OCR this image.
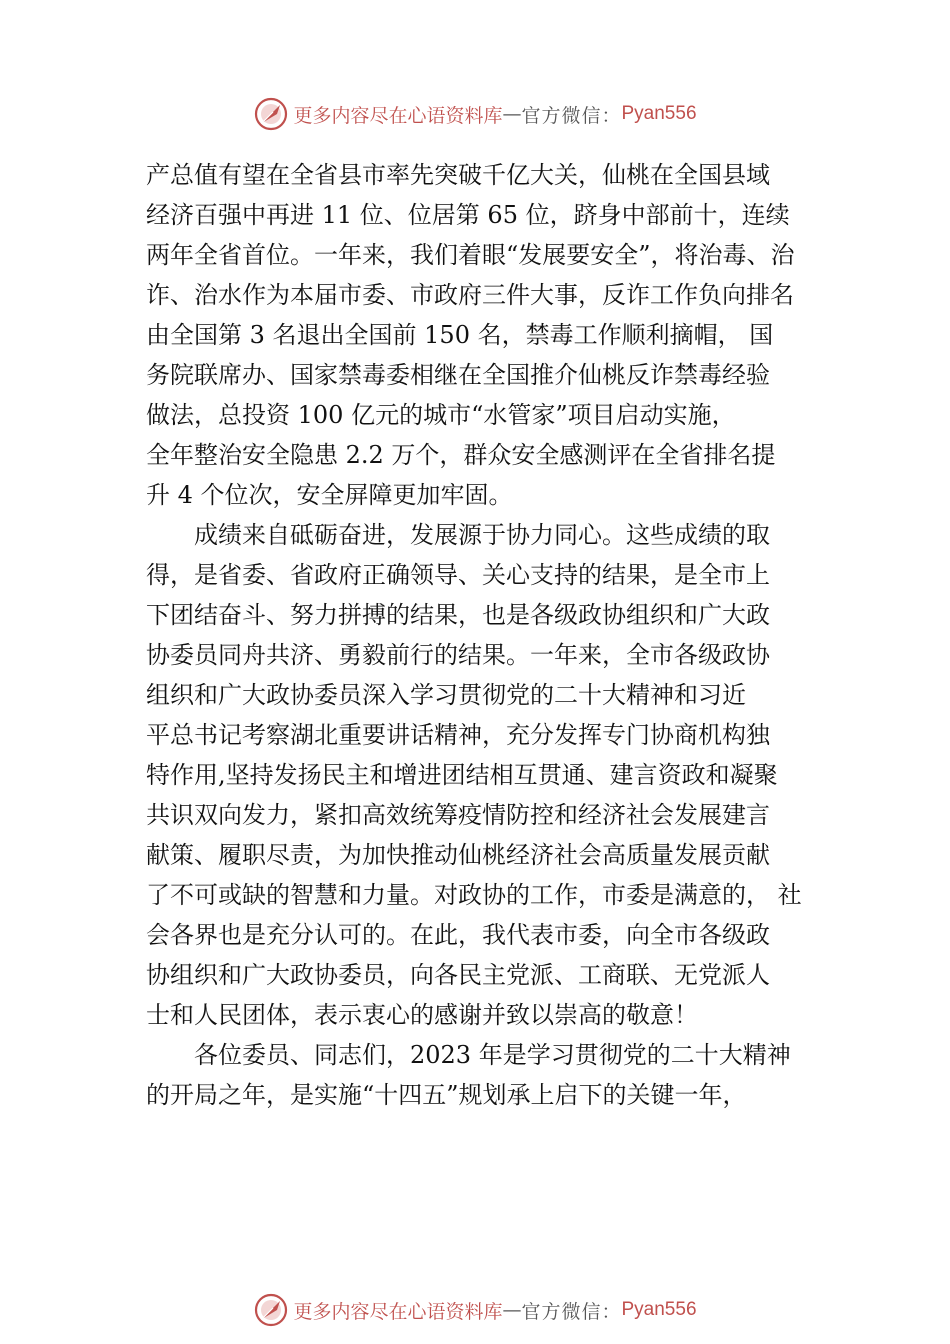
更多内容尽在心语资料库 — 官方微信： Pyan556

产总值有望在全省县市率先突破千亿大关，仙桃在全国县域
经济百强中再进 11 位、位居第 65 位，跻身中部前十，连续
两年全省首位。一年来，我们着眼“发展要安全”，将治毒、治
诈、治水作为本届市委、市政府三件大事，反诈工作负向排名
由全国第 3 名退出全国前 150 名，禁毒工作顺利摘帽， 国
务院联席办、国家禁毒委相继在全国推介仙桃反诈禁毒经验
做法，总投资 100 亿元的城市“水管家”项目启动实施，
全年整治安全隐患 2.2 万个，群众安全感测评在全省排名提
升 4 个位次，安全屏障更加牢固。

成绩来自砥砺奋进，发展源于协力同心。这些成绩的取
得，是省委、省政府正确领导、关心支持的结果，是全市上
下团结奋斗、努力拼搏的结果，也是各级政协组织和广大政
协委员同舟共济、勇毅前行的结果。一年来，全市各级政协
组织和广大政协委员深入学习贯彻党的二十大精神和习近
平总书记考察湖北重要讲话精神，充分发挥专门协商机构独
特作用,坚持发扬民主和增进团结相互贯通、建言资政和凝聚
共识双向发力，紧扣高效统筹疫情防控和经济社会发展建言
献策、履职尽责，为加快推动仙桃经济社会高质量发展贡献
了不可或缺的智慧和力量。对政协的工作，市委是满意的， 社
会各界也是充分认可的。在此，我代表市委，向全市各级政
协组织和广大政协委员，向各民主党派、工商联、无党派人
士和人民团体，表示衷心的感谢并致以崇高的敬意！

各位委员、同志们，2023 年是学习贯彻党的二十大精神
的开局之年，是实施“十四五”规划承上启下的关键一年，

更多内容尽在心语资料库 — 官方微信： Pyan556
